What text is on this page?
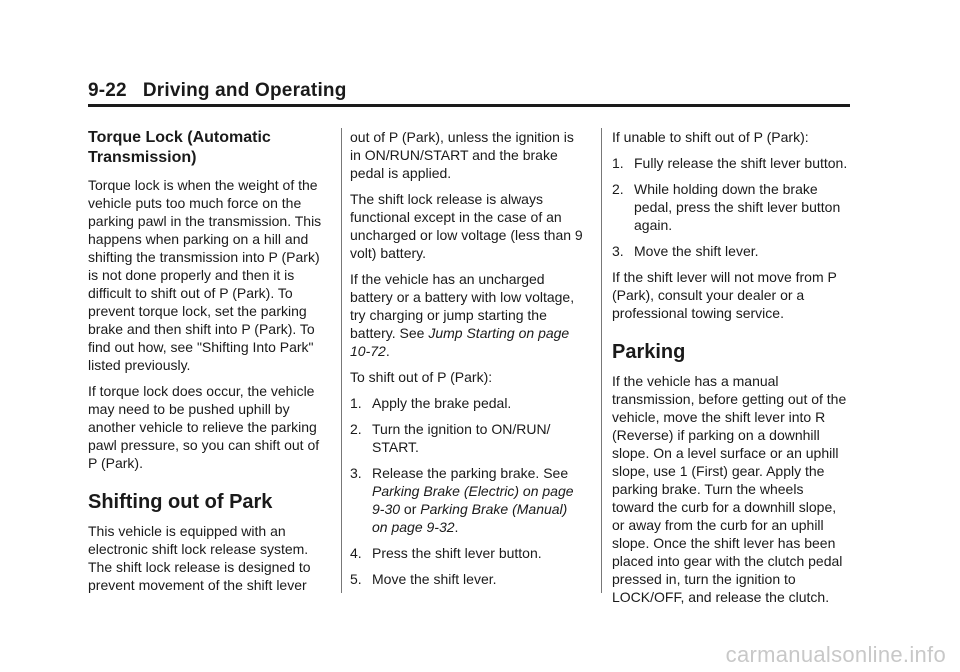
9-22 Driving and Operating
Torque Lock (Automatic Transmission)

Torque lock is when the weight of the vehicle puts too much force on the parking pawl in the transmission. This happens when parking on a hill and shifting the transmission into P (Park) is not done properly and then it is difficult to shift out of P (Park). To prevent torque lock, set the parking brake and then shift into P (Park). To find out how, see "Shifting Into Park" listed previously.

If torque lock does occur, the vehicle may need to be pushed uphill by another vehicle to relieve the parking pawl pressure, so you can shift out of P (Park).

Shifting out of Park

This vehicle is equipped with an electronic shift lock release system. The shift lock release is designed to prevent movement of the shift lever

out of P (Park), unless the ignition is in ON/RUN/START and the brake pedal is applied.

The shift lock release is always functional except in the case of an uncharged or low voltage (less than 9 volt) battery.

If the vehicle has an uncharged battery or a battery with low voltage, try charging or jump starting the battery. See Jump Starting on page 10-72.

To shift out of P (Park):

1. Apply the brake pedal.
2. Turn the ignition to ON/RUN/ START.
3. Release the parking brake. See Parking Brake (Electric) on page 9-30 or Parking Brake (Manual) on page 9-32.
4. Press the shift lever button.
5. Move the shift lever.

If unable to shift out of P (Park):

1. Fully release the shift lever button.
2. While holding down the brake pedal, press the shift lever button again.
3. Move the shift lever.

If the shift lever will not move from P (Park), consult your dealer or a professional towing service.

Parking

If the vehicle has a manual transmission, before getting out of the vehicle, move the shift lever into R (Reverse) if parking on a downhill slope. On a level surface or an uphill slope, use 1 (First) gear. Apply the parking brake. Turn the wheels toward the curb for a downhill slope, or away from the curb for an uphill slope. Once the shift lever has been placed into gear with the clutch pedal pressed in, turn the ignition to LOCK/OFF, and release the clutch.

carmanualsonline.info
